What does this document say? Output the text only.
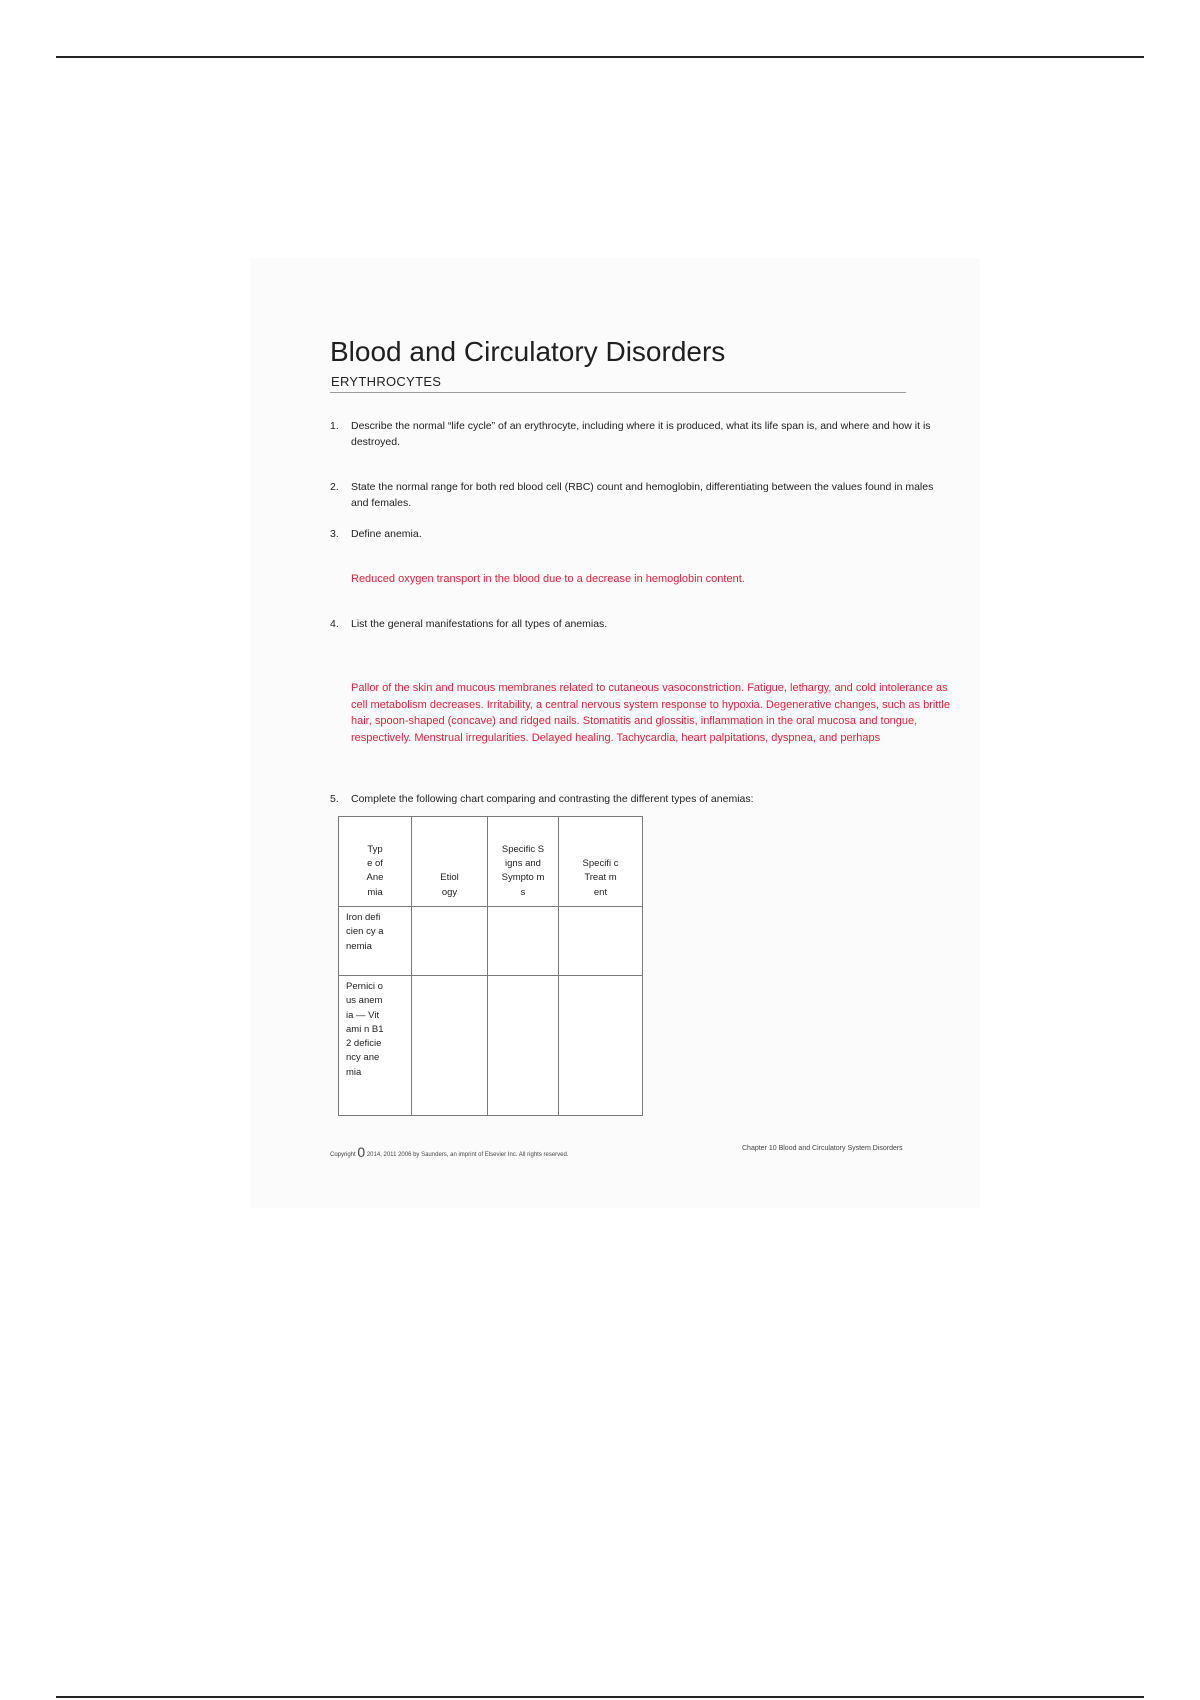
Blood and Circulatory Disorders
ERYTHROCYTES
1.	Describe the normal “life cycle” of an erythrocyte, including where it is produced, what its life span is, and where and how it is destroyed.
2.	State the normal range for both red blood cell (RBC) count and hemoglobin, differentiating between the values found in males and females.
3.	Define anemia.
Reduced oxygen transport in the blood due to a decrease in hemoglobin content.
4.	List the general manifestations for all types of anemias.
Pallor of the skin and mucous membranes related to cutaneous vasoconstriction. Fatigue, lethargy, and cold intolerance as cell metabolism decreases. Irritability, a central nervous system response to hypoxia. Degenerative changes, such as brittle hair, spoon-shaped (concave) and ridged nails. Stomatitis and glossitis, inflammation in the oral mucosa and tongue, respectively. Menstrual irregularities. Delayed healing. Tachycardia, heart palpitations, dyspnea, and perhaps
5.	Complete the following chart comparing and contrasting the different types of anemias:
Typ e of Ane mia	Etiol ogy	Specific Signs and Sympto ms	Specifi c Treat ment

Iron deficien cy anemia			

Pernici ous anemia — Vitami n B12 deficie ncy anemia			

Copyright 0 2014, 2011 2006 by Saunders, an imprint of Elsevier Inc. All rights reserved.
Chapter 10 Blood and Circulatory System Disorders
